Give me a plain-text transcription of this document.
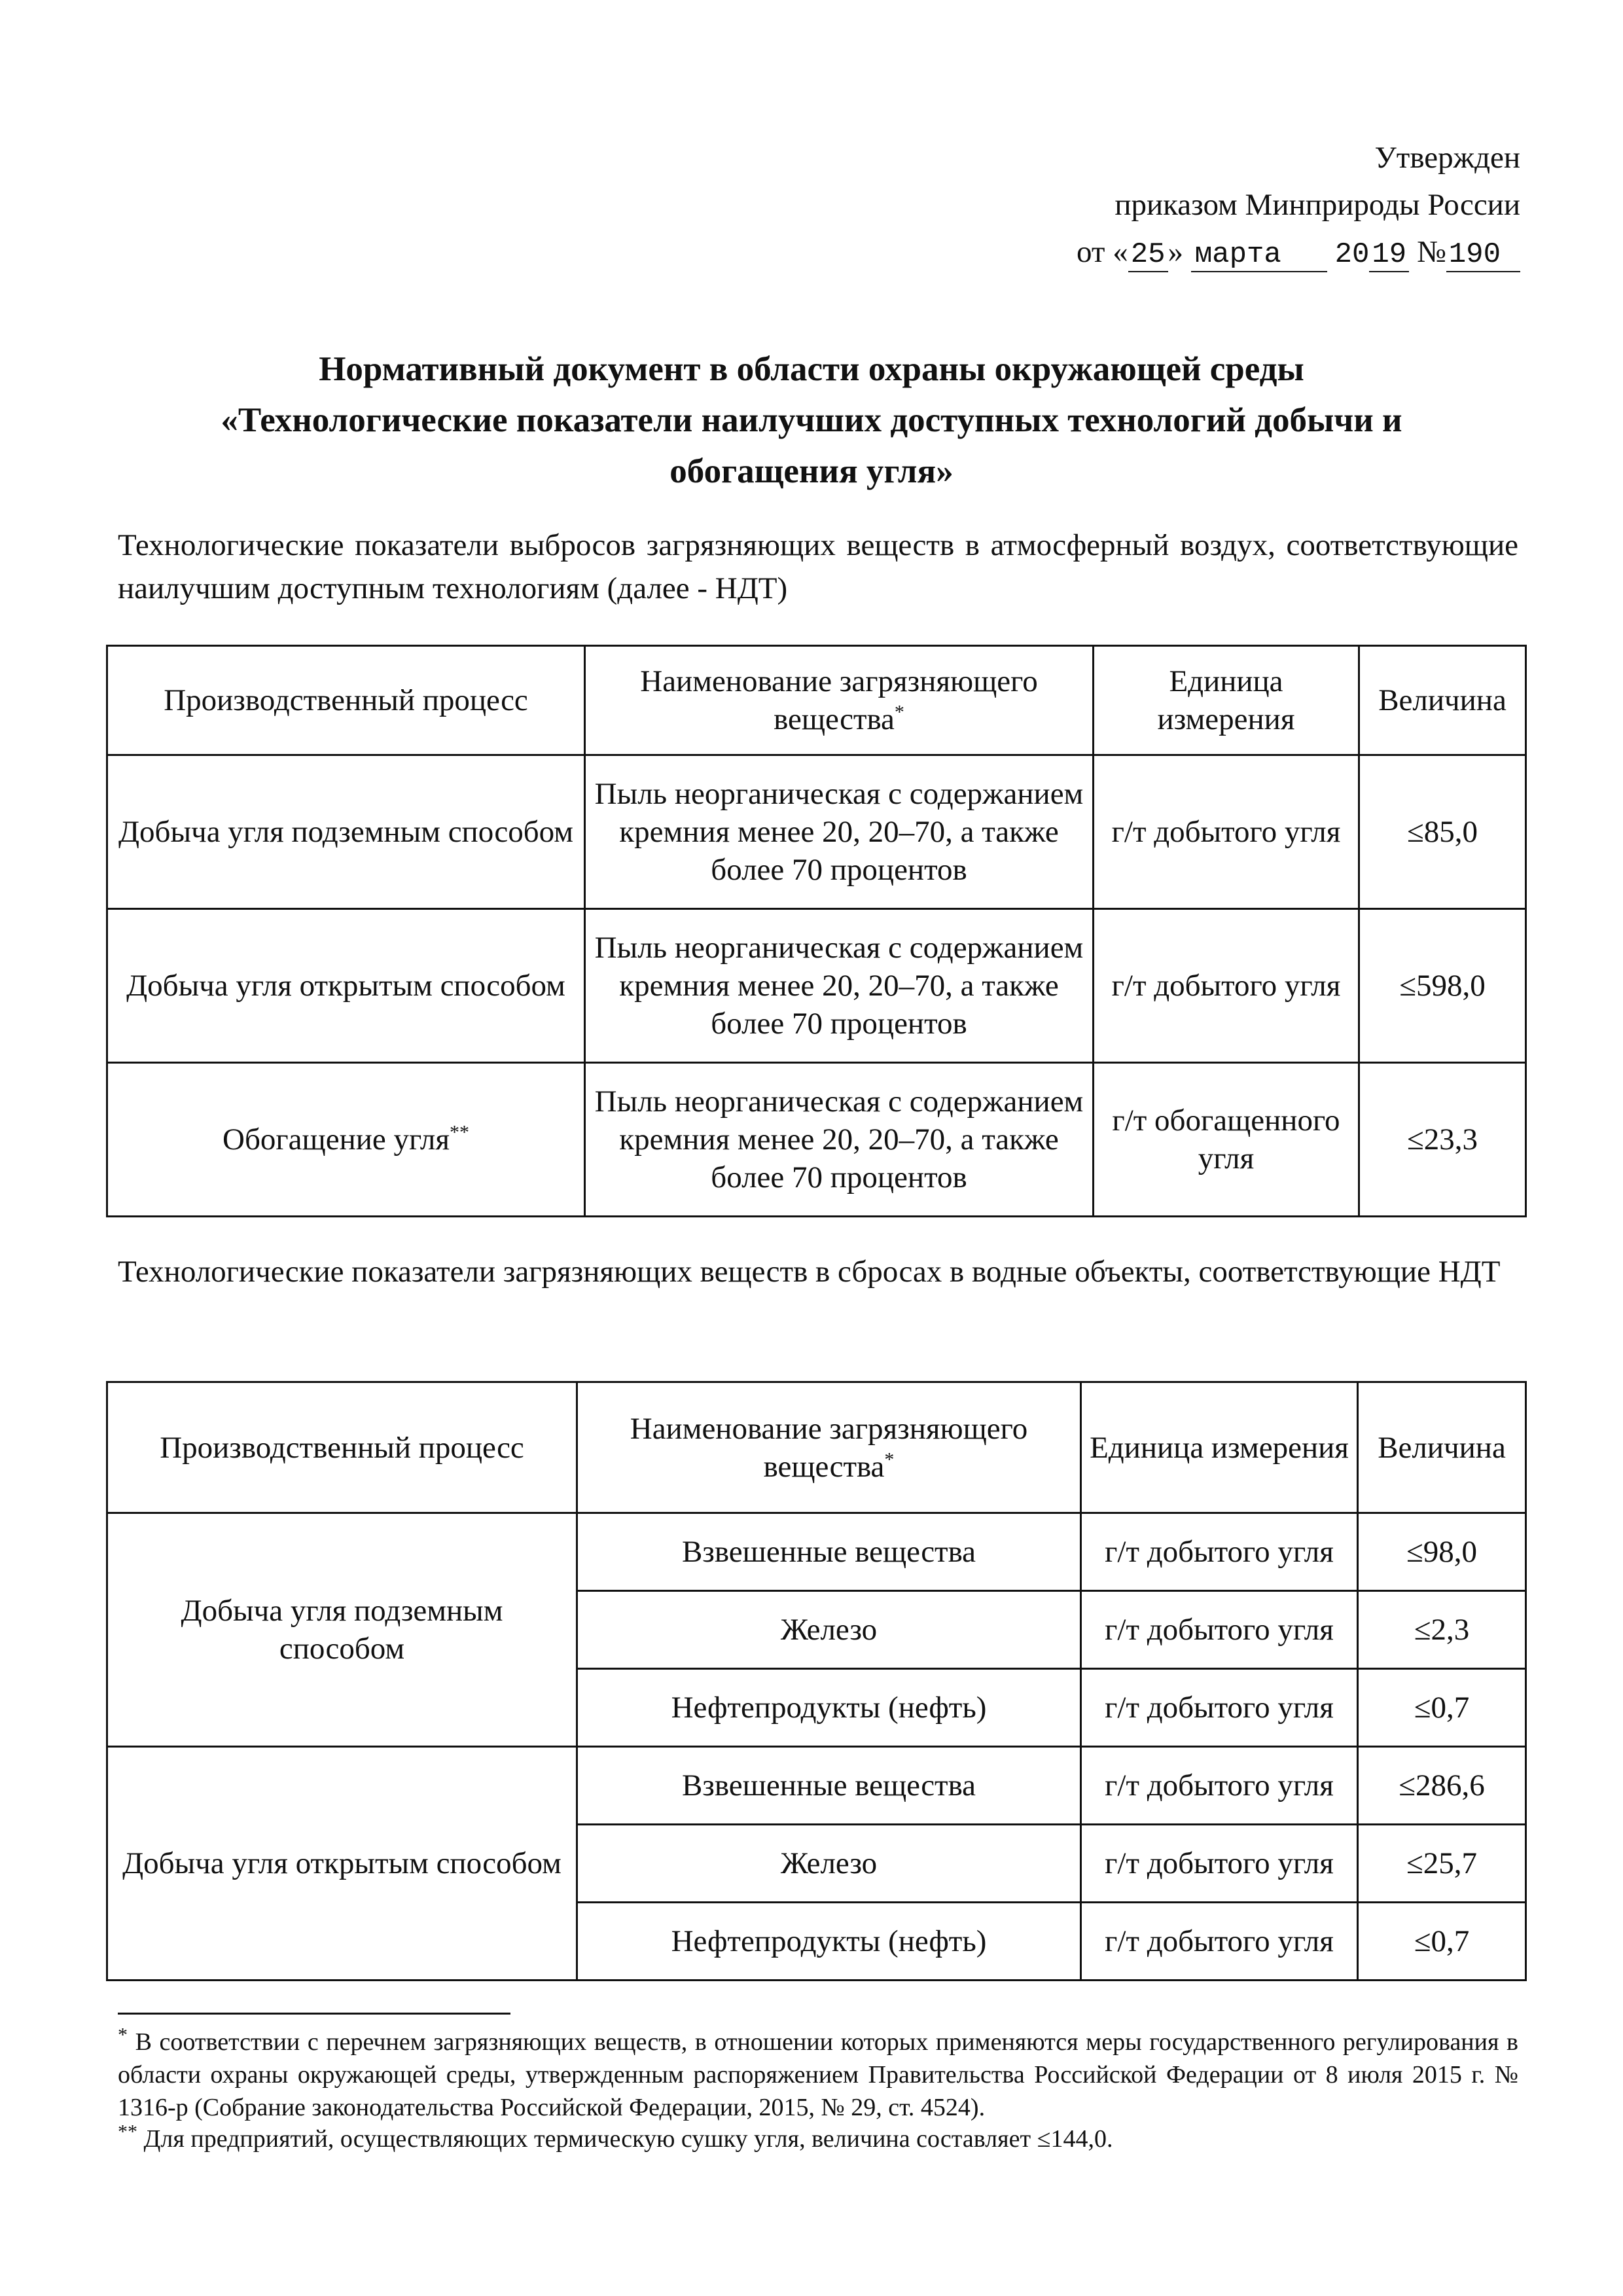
Утвержден
приказом Минприроды России
от «25» марта 2019 №190
Нормативный документ в области охраны окружающей среды
«Технологические показатели наилучших доступных технологий добычи и обогащения угля»
Технологические показатели выбросов загрязняющих веществ в атмосферный воздух, соответствующие наилучшим доступным технологиям (далее - НДТ)
Производственный процесс	Наименование загрязняющего вещества*	Единица измерения	Величина
Добыча угля подземным способом	Пыль неорганическая с содержанием кремния менее 20, 20–70, а также более 70 процентов	г/т добытого угля	≤85,0
Добыча угля открытым способом	Пыль неорганическая с содержанием кремния менее 20, 20–70, а также более 70 процентов	г/т добытого угля	≤598,0
Обогащение угля**	Пыль неорганическая с содержанием кремния менее 20, 20–70, а также более 70 процентов	г/т обогащенного угля	≤23,3
Технологические показатели загрязняющих веществ в сбросах в водные объекты, соответствующие НДТ
Производственный процесс	Наименование загрязняющего вещества*	Единица измерения	Величина
Добыча угля подземным способом	Взвешенные вещества	г/т добытого угля	≤98,0
	Железо	г/т добытого угля	≤2,3
	Нефтепродукты (нефть)	г/т добытого угля	≤0,7
Добыча угля открытым способом	Взвешенные вещества	г/т добытого угля	≤286,6
	Железо	г/т добытого угля	≤25,7
	Нефтепродукты (нефть)	г/т добытого угля	≤0,7
* В соответствии с перечнем загрязняющих веществ, в отношении которых применяются меры государственного регулирования в области охраны окружающей среды, утвержденным распоряжением Правительства Российской Федерации от 8 июля 2015 г. № 1316-р (Собрание законодательства Российской Федерации, 2015, № 29, ст. 4524).
** Для предприятий, осуществляющих термическую сушку угля, величина составляет ≤144,0.
